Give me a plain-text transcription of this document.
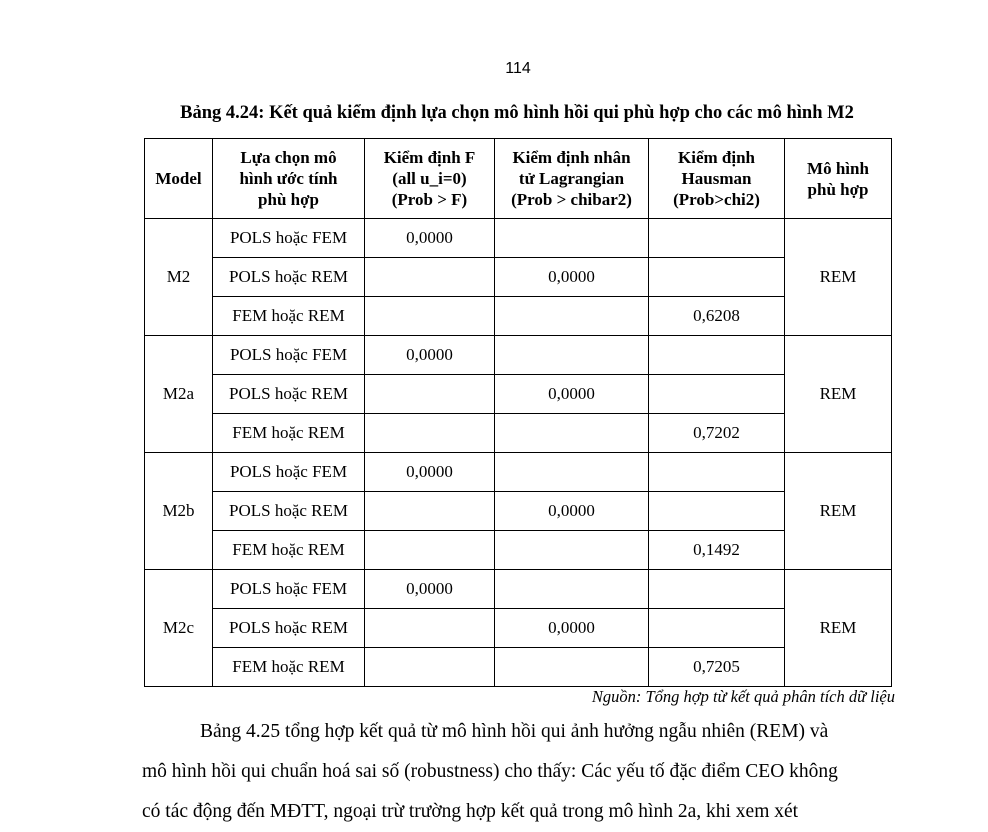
114
Bảng 4.24: Kết quả kiểm định lựa chọn mô hình hồi qui phù hợp cho các mô hình M2
Model	Lựa chọn mô
hình ước tính
phù hợp	Kiểm định F
(all u_i=0)
(Prob > F)	Kiểm định nhân
tử Lagrangian
(Prob > chibar2)	Kiểm định
Hausman
(Prob>chi2)	Mô hình
phù hợp
M2	POLS hoặc FEM	0,0000			REM
	POLS hoặc REM		0,0000		
	FEM hoặc REM			0,6208	
M2a	POLS hoặc FEM	0,0000			REM
	POLS hoặc REM		0,0000		
	FEM hoặc REM			0,7202	
M2b	POLS hoặc FEM	0,0000			REM
	POLS hoặc REM		0,0000		
	FEM hoặc REM			0,1492	
M2c	POLS hoặc FEM	0,0000			REM
	POLS hoặc REM		0,0000		
	FEM hoặc REM			0,7205	
Nguồn: Tổng hợp từ kết quả phân tích dữ liệu
Bảng 4.25 tổng hợp kết quả từ mô hình hồi qui ảnh hưởng ngẫu nhiên (REM) và
mô hình hồi qui chuẩn hoá sai số (robustness) cho thấy: Các yếu tố đặc điểm CEO không
có tác động đến MĐTT, ngoại trừ trường hợp kết quả trong mô hình 2a, khi xem xét
